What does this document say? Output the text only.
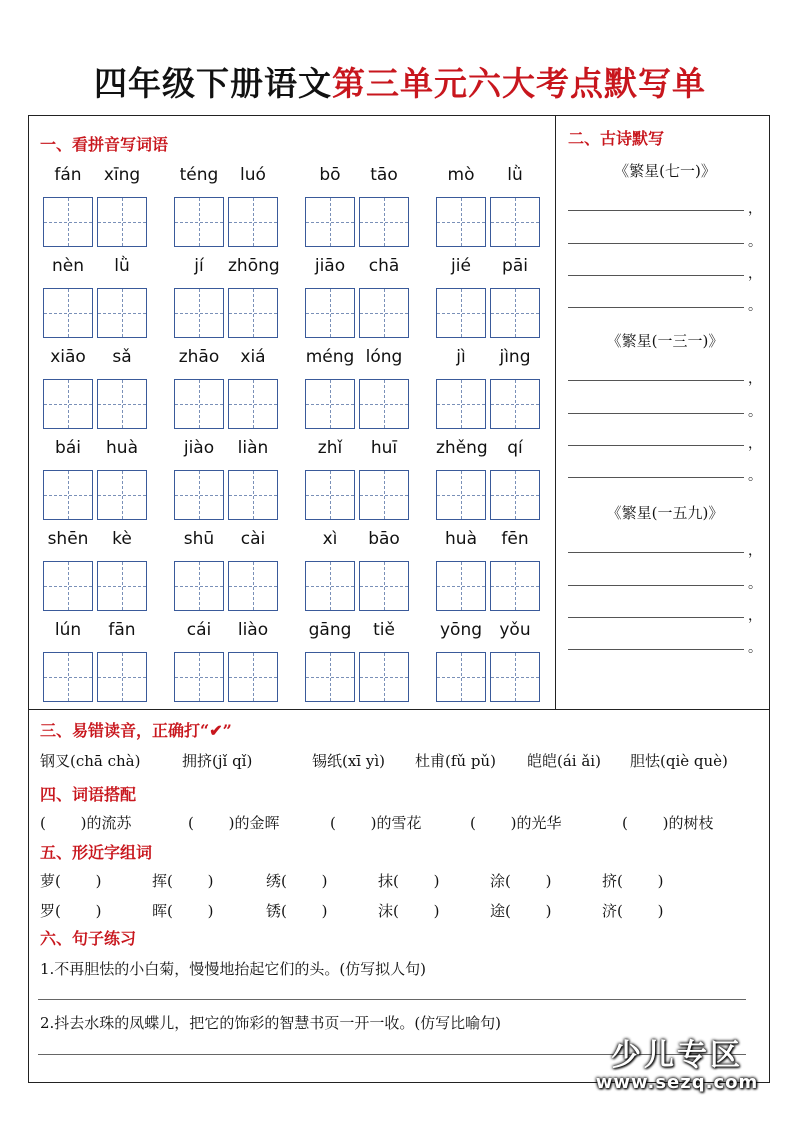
四年级下册语文第三单元六大考点默写单
一、看拼音写词语
fán	xīng	téng	luó	bō	tāo	mò	lǜ
nèn	lǜ	jí	zhōng	jiāo	chā	jié	pāi
xiāo	sǎ	zhāo	xiá	méng lóng	jì	jìng
bái	huà	jiào	liàn	zhǐ	huī	zhěng	qí
shēn	kè	shū	cài	xì	bāo	huà	fēn
lún	fān	cái	liào	gāng	tiě	yōng	yǒu
二、古诗默写
《繁星(七一)》
，
。
，
。
《繁星(一三一)》
，
。
，
。
《繁星(一五九)》
，
。
，
。
三、易错读音，正确打“✔”
钢叉(chā chà)	拥挤(jǐ qǐ)	锡纸(xī yì) 杜甫(fǔ pǔ) 皑皑(ái ǎi) 胆怯(qiè què)
四、词语搭配
(　　 )的流苏	(　　 )的金晖	(　　 )的雪花	(　　 )的光华	(　　 )的树枝
五、形近字组词
萝(　　 )	挥(　　 )	绣(　　 )	抹(　　 )	涂(　　 )	挤(　　 )
罗(　　 )	晖(　　 )	锈(　　 )	沫(　　 )	途(　　 )	济(　　 )
六、句子练习
1.不再胆怯的小白菊，慢慢地抬起它们的头。(仿写拟人句)
2.抖去水珠的凤蝶儿，把它的饰彩的智慧书页一开一收。(仿写比喻句)
少儿专区
www.sezq.com
